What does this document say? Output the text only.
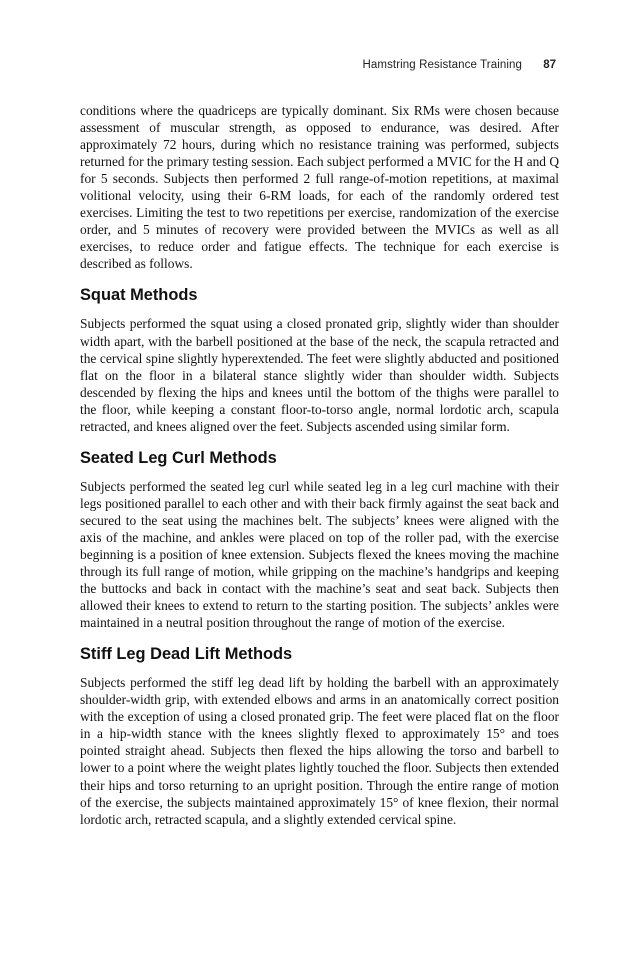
Hamstring Resistance Training 87

conditions where the quadriceps are typically dominant. Six RMs were chosen because assessment of muscular strength, as opposed to endurance, was desired. After approximately 72 hours, during which no resistance training was performed, subjects returned for the primary testing session. Each subject performed a MVIC for the H and Q for 5 seconds. Subjects then performed 2 full range-of-motion repetitions, at maximal volitional velocity, using their 6-RM loads, for each of the randomly ordered test exercises. Limiting the test to two repetitions per exercise, randomization of the exercise order, and 5 minutes of recovery were provided between the MVICs as well as all exercises, to reduce order and fatigue effects. The technique for each exercise is described as follows.

Squat Methods

Subjects performed the squat using a closed pronated grip, slightly wider than shoulder width apart, with the barbell positioned at the base of the neck, the scapula retracted and the cervical spine slightly hyperextended. The feet were slightly abducted and positioned flat on the floor in a bilateral stance slightly wider than shoulder width. Subjects descended by flexing the hips and knees until the bottom of the thighs were parallel to the floor, while keeping a constant floor-to-torso angle, normal lordotic arch, scapula retracted, and knees aligned over the feet. Subjects ascended using similar form.

Seated Leg Curl Methods

Subjects performed the seated leg curl while seated leg in a leg curl machine with their legs positioned parallel to each other and with their back firmly against the seat back and secured to the seat using the machines belt. The subjects’ knees were aligned with the axis of the machine, and ankles were placed on top of the roller pad, with the exercise beginning is a position of knee extension. Subjects flexed the knees moving the machine through its full range of motion, while gripping on the machine’s handgrips and keeping the buttocks and back in contact with the machine’s seat and seat back. Subjects then allowed their knees to extend to return to the starting position. The subjects’ ankles were maintained in a neutral position throughout the range of motion of the exercise.

Stiff Leg Dead Lift Methods

Subjects performed the stiff leg dead lift by holding the barbell with an approximately shoulder-width grip, with extended elbows and arms in an anatomically correct position with the exception of using a closed pronated grip. The feet were placed flat on the floor in a hip-width stance with the knees slightly flexed to approximately 15° and toes pointed straight ahead. Subjects then flexed the hips allowing the torso and barbell to lower to a point where the weight plates lightly touched the floor. Subjects then extended their hips and torso returning to an upright position. Through the entire range of motion of the exercise, the subjects maintained approximately 15° of knee flexion, their normal lordotic arch, retracted scapula, and a slightly extended cervical spine.
